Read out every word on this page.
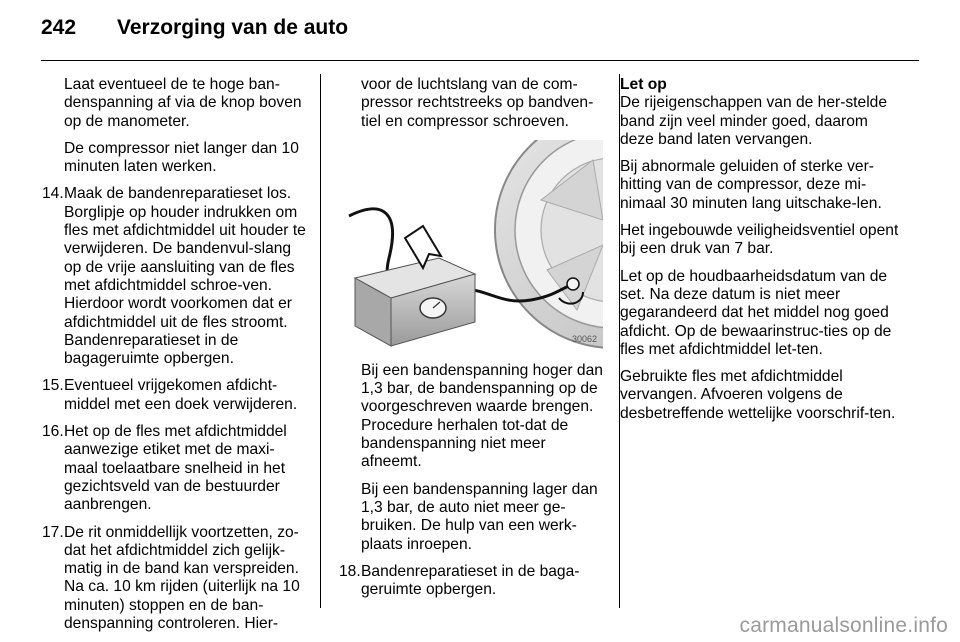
242	Verzorging van de auto

Laat eventueel de te hoge ban-denspanning af via de knop boven op de manometer.

De compressor niet langer dan 10 minuten laten werken.

14. Maak de bandenreparatieset los. Borglipje op houder indrukken om fles met afdichtmiddel uit houder te verwijderen. De bandenvul-slang op de vrije aansluiting van de fles met afdichtmiddel schroe-ven. Hierdoor wordt voorkomen dat er afdichtmiddel uit de fles stroomt. Bandenreparatieset in de bagageruimte opbergen.
15. Eventueel vrijgekomen afdicht-middel met een doek verwijderen.
16. Het op de fles met afdichtmiddel aanwezige etiket met de maxi-maal toelaatbare snelheid in het gezichtsveld van de bestuurder aanbrengen.
17. De rit onmiddellijk voortzetten, zo-dat het afdichtmiddel zich gelijk-matig in de band kan verspreiden. Na ca. 10 km rijden (uiterlijk na 10 minuten) stoppen en de ban-denspanning controleren. Hier-

voor de luchtslang van de com-pressor rechtstreeks op bandven-tiel en compressor schroeven.

30062

Bij een bandenspanning hoger dan 1,3 bar, de bandenspanning op de voorgeschreven waarde brengen. Procedure herhalen tot-dat de bandenspanning niet meer afneemt.

Bij een bandenspanning lager dan 1,3 bar, de auto niet meer ge-bruiken. De hulp van een werk-plaats inroepen.

18. Bandenreparatieset in de baga-geruimte opbergen.
Let op

De rijeigenschappen van de her-stelde band zijn veel minder goed, daarom deze band laten vervangen.

Bij abnormale geluiden of sterke ver-hitting van de compressor, deze mi-nimaal 30 minuten lang uitschake-len.

Het ingebouwde veiligheidsventiel opent bij een druk van 7 bar.

Let op de houdbaarheidsdatum van de set. Na deze datum is niet meer gegarandeerd dat het middel nog goed afdicht. Op de bewaarinstruc-ties op de fles met afdichtmiddel let-ten.

Gebruikte fles met afdichtmiddel vervangen. Afvoeren volgens de desbetreffende wettelijke voorschrif-ten.

carmanualsonline.info
